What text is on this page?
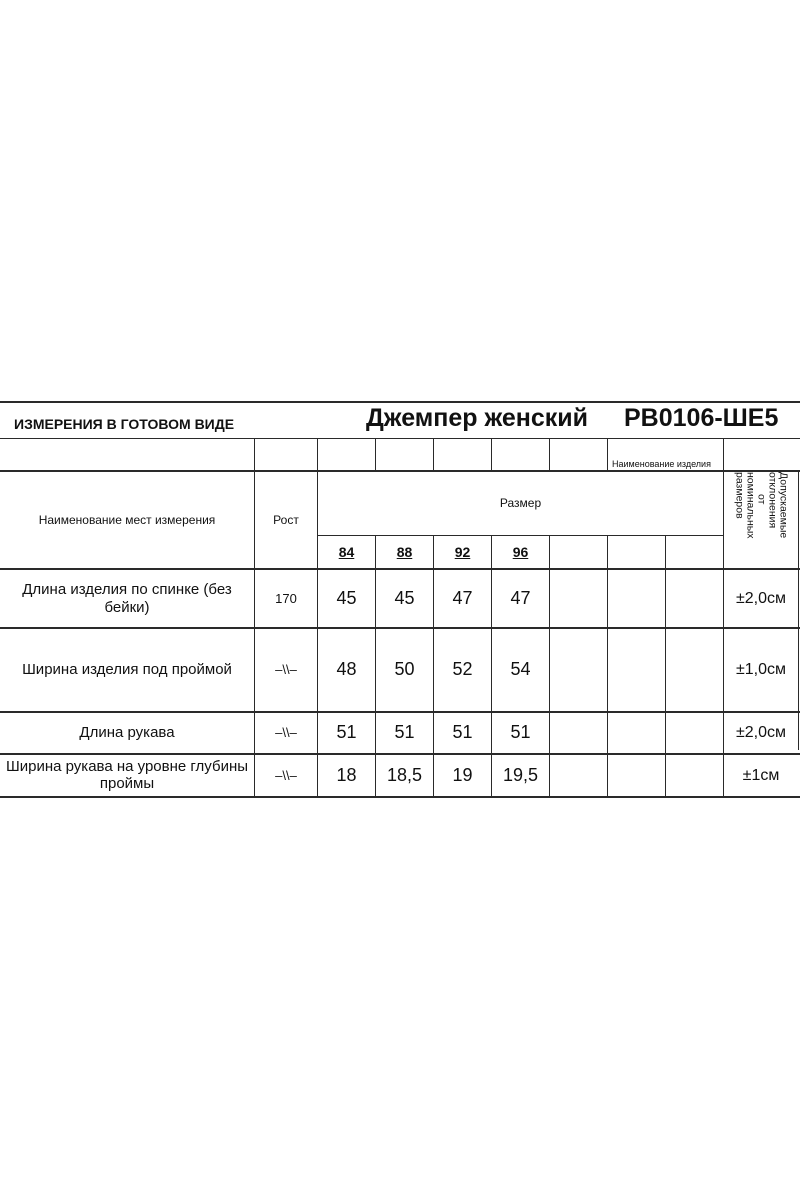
ИЗМЕРЕНИЯ В ГОТОВОМ ВИДЕ	Джемпер женский РВ0106-ШЕ5
Наименование изделия
Наименование мест измерения	Рост
Размер	Допускаемые
отклонения
от
номинальных
размеров
84	88	92	96
Длина изделия по спинке (без
бейки)
170	45	45	47	47	±2,0см
Ширина изделия под проймой	–\\–	48	50	52	54	±1,0см
Длина рукава	–\\–	51	51	51	51	±2,0см
Ширина рукава на уровне глубины
проймы	–\\–	18	18,5	19	19,5	±1см
